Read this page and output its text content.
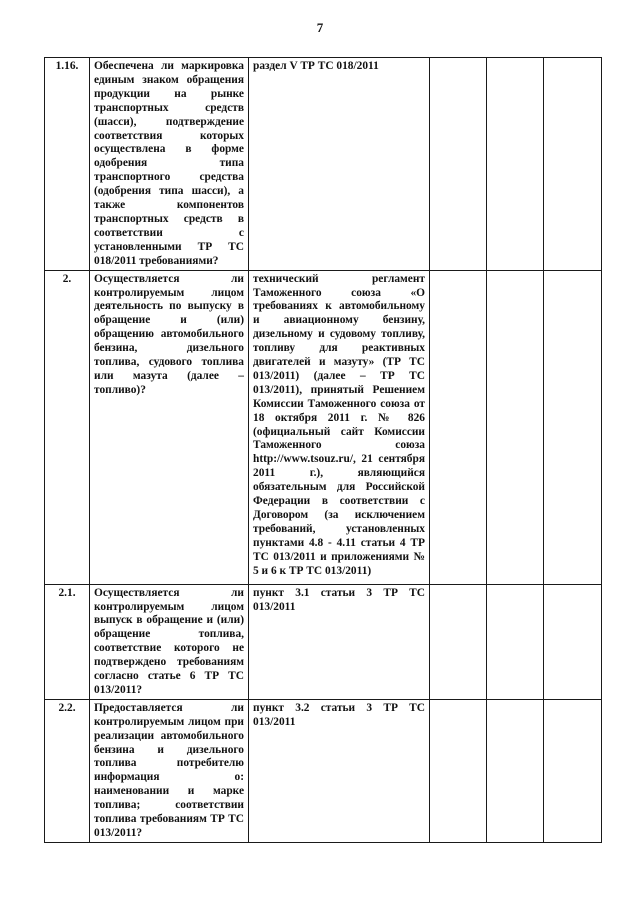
7
1.16.	Обеспечена ли маркировка единым знаком обращения продукции на рынке транспортных средств (шасси), подтверждение соответствия которых осуществлена в форме одобрения типа транспортного средства (одобрения типа шасси), а также компонентов транспортных средств в соответствии с установленными ТР ТС 018/2011 требованиями?	раздел V ТР ТС 018/2011			
2.	Осуществляется ли контролируемым лицом деятельность по выпуску в обращение и (или) обращению автомобильного бензина, дизельного топлива, судового топлива или мазута (далее – топливо)?	технический регламент Таможенного союза «О требованиях к автомобильному и авиационному бензину, дизельному и судовому топливу, топливу для реактивных двигателей и мазуту» (ТР ТС 013/2011) (далее – ТР ТС 013/2011), принятый Решением Комиссии Таможенного союза от 18 октября 2011 г. № 826 (официальный сайт Комиссии Таможенного союза http://www.tsouz.ru/, 21 сентября 2011 г.), являющийся обязательным для Российской Федерации в соответствии с Договором (за исключением требований, установленных пунктами 4.8 - 4.11 статьи 4 ТР ТС 013/2011 и приложениями № 5 и 6 к ТР ТС 013/2011)			
2.1.	Осуществляется ли контролируемым лицом выпуск в обращение и (или) обращение топлива, соответствие которого не подтверждено требованиям согласно статье 6 ТР ТС 013/2011?	пункт 3.1 статьи 3 ТР ТС 013/2011			
2.2.	Предоставляется ли контролируемым лицом при реализации автомобильного бензина и дизельного топлива потребителю информация о: наименовании и марке топлива; соответствии топлива требованиям ТР ТС 013/2011?	пункт 3.2 статьи 3 ТР ТС 013/2011			
